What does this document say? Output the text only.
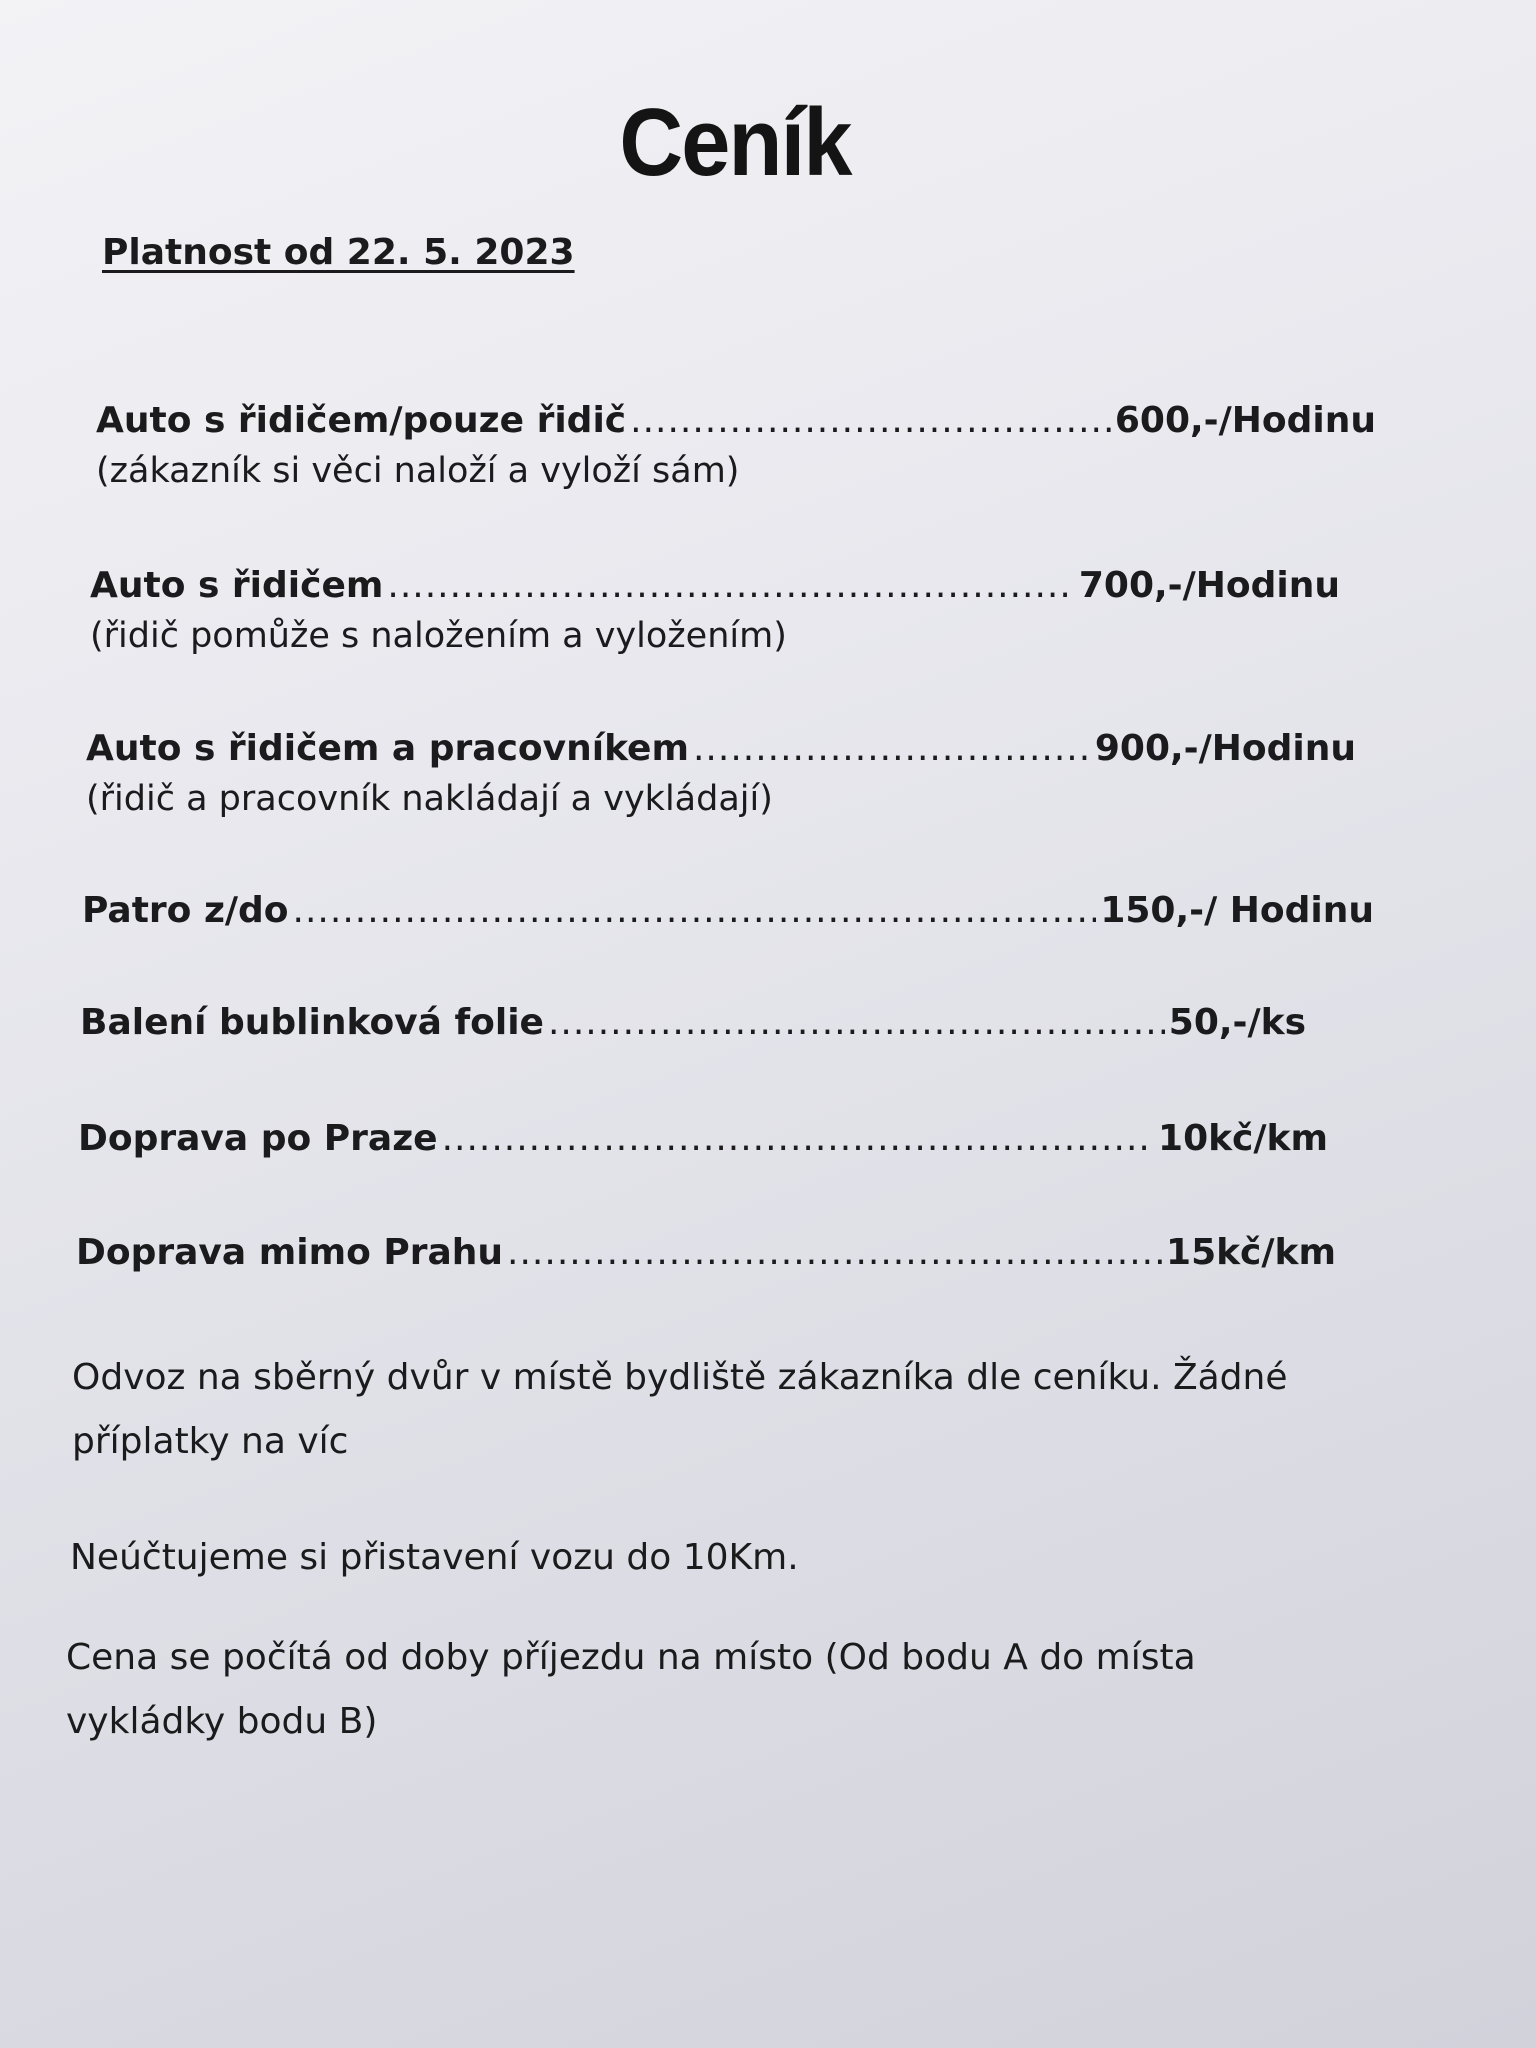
Ceník
Platnost od 22. 5. 2023
Auto s řidičem/pouze řidič .....	600,-/Hodinu
(zákazník si věci naloží a vyloží sám)
Auto s řidičem .....	700,-/Hodinu
(řidič pomůže s naložením a vyložením)
Auto s řidičem a pracovníkem .....	900,-/Hodinu
(řidič a pracovník nakládají a vykládají)
Patro z/do .....	150,-/ Hodinu
Balení bublinková folie .....	50,-/ks
Doprava po Praze .....	10kč/km
Doprava mimo Prahu .....	15kč/km
Odvoz na sběrný dvůr v místě bydliště zákazníka dle ceníku. Žádné příplatky na víc
Neúčtujeme si přistavení vozu do 10Km.
Cena se počítá od doby příjezdu na místo (Od bodu A do místa vykládky bodu B)
